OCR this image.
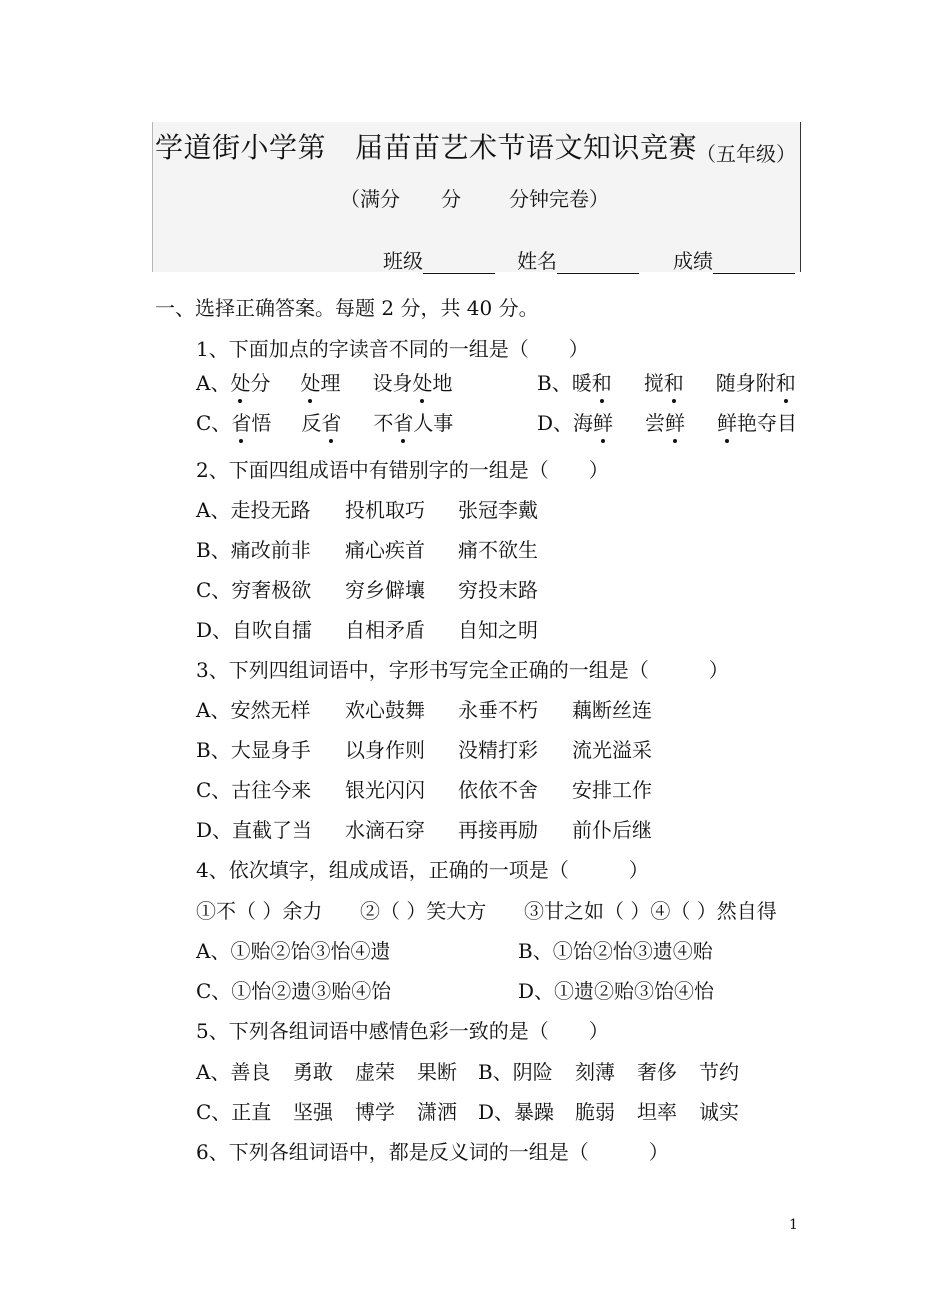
学道街小学第 届苗苗艺术节语文知识竞赛
（五年级）
（满分 分 分钟完卷）
班级	姓名	成绩
一、选择正确答案。每题 2 分，共 40 分。
1、下面加点的字读音不同的一组是（　　）
A、处分 处理 设身处地	B、暖和 搅和 随身附和
C、省悟 反省 不省人事	D、海鲜 尝鲜 鲜艳夺目
2、下面四组成语中有错别字的一组是（　　）
A、走投无路 投机取巧 张冠李戴
B、痛改前非 痛心疾首 痛不欲生
C、穷奢极欲 穷乡僻壤 穷投末路
D、自吹自擂 自相矛盾 自知之明
3、下列四组词语中，字形书写完全正确的一组是（　　　）
A、安然无样 欢心鼓舞 永垂不朽 藕断丝连
B、大显身手 以身作则 没精打彩 流光溢采
C、古往今来 银光闪闪 依依不舍 安排工作
D、直截了当 水滴石穿 再接再励 前仆后继
4、依次填字，组成成语，正确的一项是（　　　）
①不（ ）余力 ②（ ）笑大方 ③甘之如（ ）④（ ）然自得
A、①贻②饴③怡④遗	B、①饴②怡③遗④贻
C、①怡②遗③贻④饴	D、①遗②贻③饴④怡
5、下列各组词语中感情色彩一致的是（　　）
A、善良 勇敢 虚荣 果断 B、阴险 刻薄 奢侈 节约
C、正直 坚强 博学 潇洒 D、暴躁 脆弱 坦率 诚实
6、下列各组词语中，都是反义词的一组是（　　　）
1
